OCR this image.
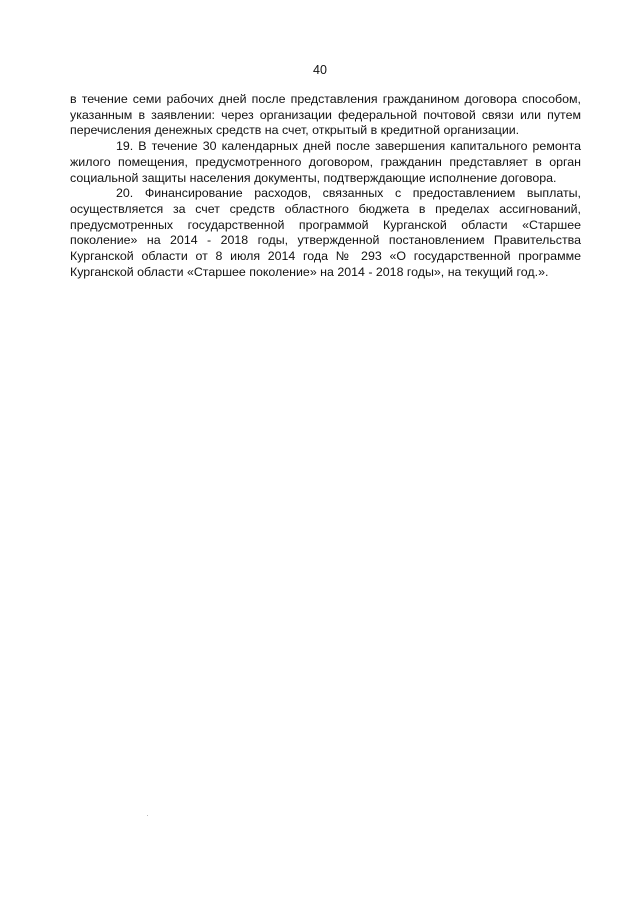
40

в течение семи рабочих дней после представления гражданином договора способом, указанным в заявлении: через организации федеральной почтовой связи или путем перечисления денежных средств на счет, открытый в кредитной организации.

19. В течение 30 календарных дней после завершения капитального ремонта жилого помещения, предусмотренного договором, гражданин представляет в орган социальной защиты населения документы, подтверждающие исполнение договора.

20. Финансирование расходов, связанных с предоставлением выплаты, осуществляется за счет средств областного бюджета в пределах ассигнований, предусмотренных государственной программой Курганской области «Старшее поколение» на 2014 - 2018 годы, утвержденной постановлением Правительства Курганской области от 8 июля 2014 года № 293 «О государственной программе Курганской области «Старшее поколение» на 2014 - 2018 годы», на текущий год.».
